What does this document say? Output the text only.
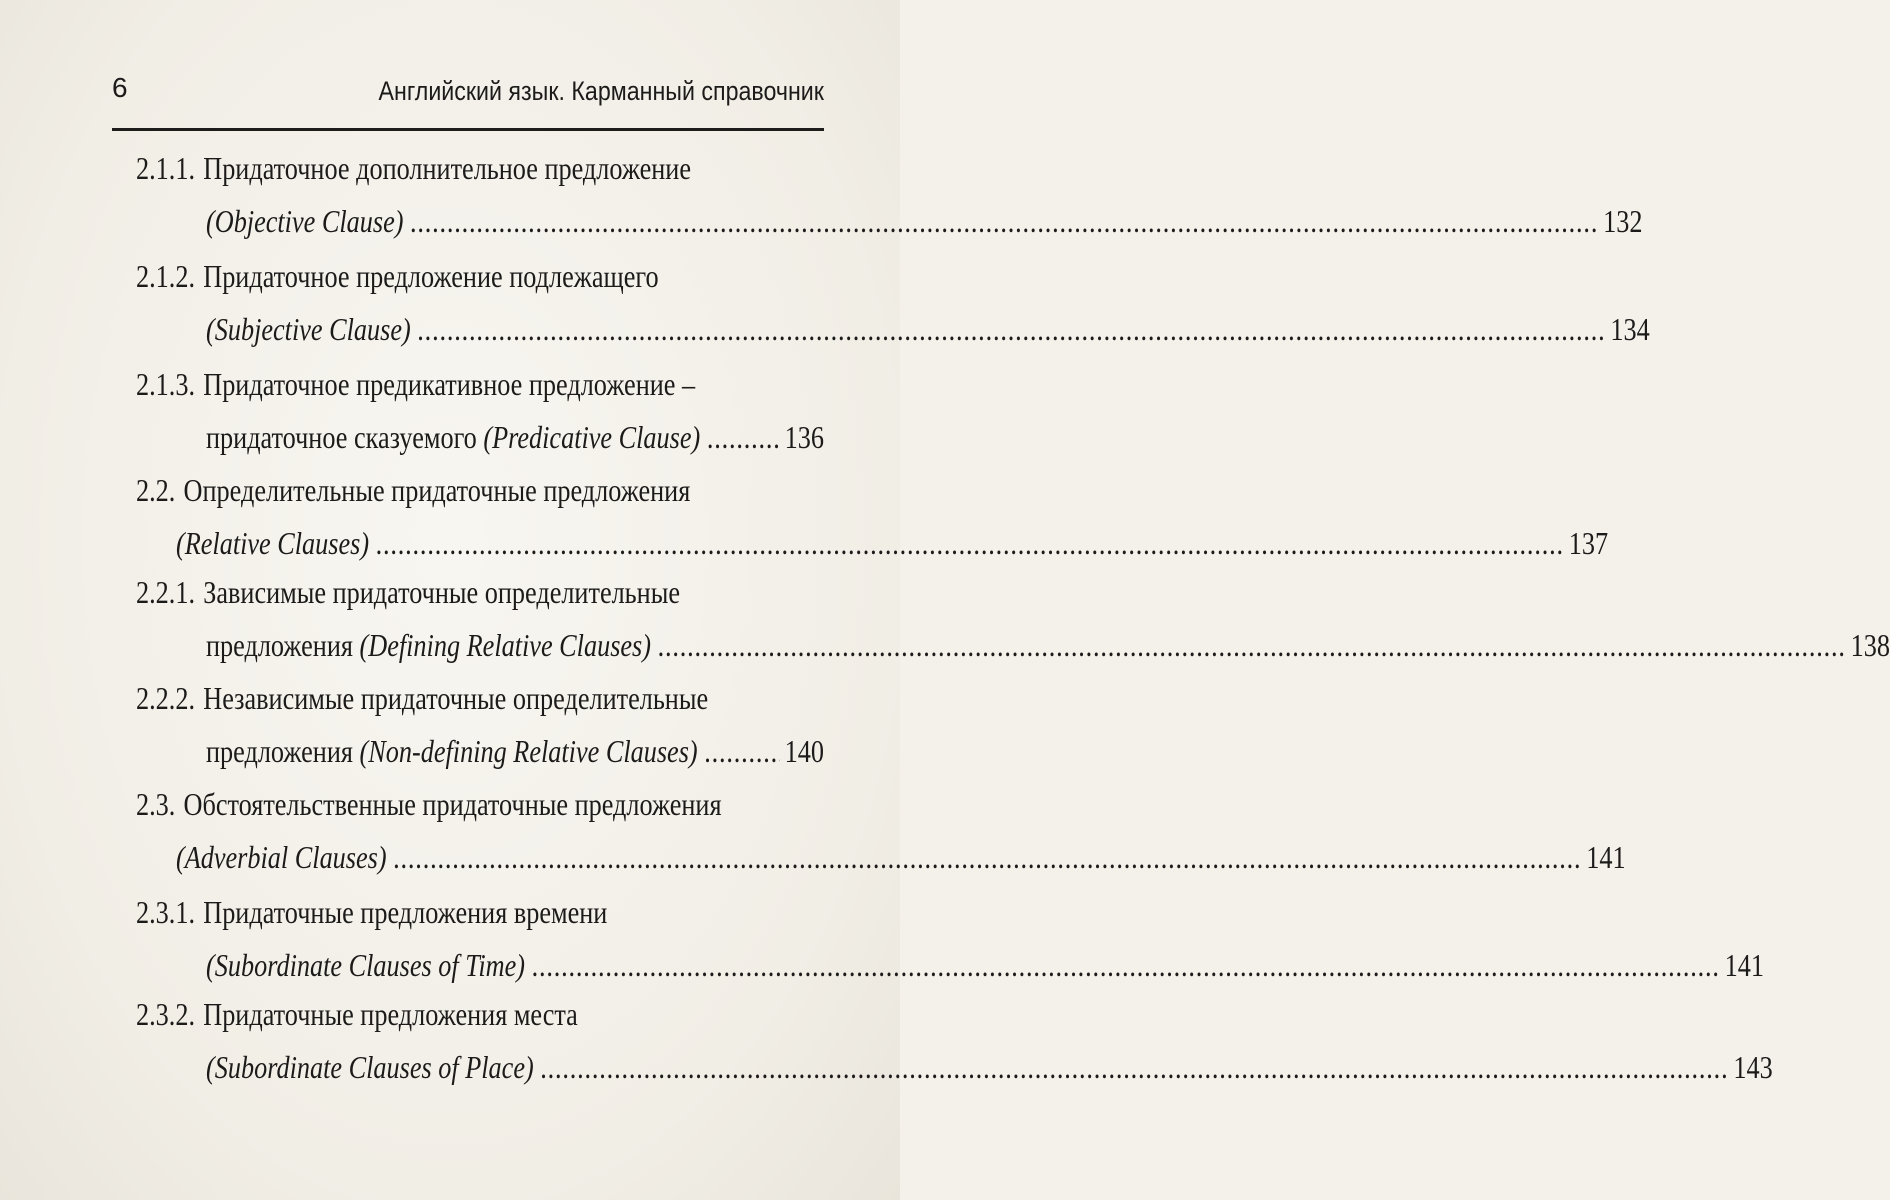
6	Английский язык. Карманный справочник
2.1.1. Придаточное дополнительное предложение
(Objective Clause) .....	132
2.1.2. Придаточное предложение подлежащего
(Subjective Clause) .....	134
2.1.3. Придаточное предикативное предложение –
придаточное сказуемого (Predicative Clause) .....	136
2.2. Определительные придаточные предложения
(Relative Clauses) .....	137
2.2.1. Зависимые придаточные определительные
предложения (Defining Relative Clauses) .....	138
2.2.2. Независимые придаточные определительные
предложения (Non-defining Relative Clauses) .....	140
2.3. Обстоятельственные придаточные предложения
(Adverbial Clauses) .....	141
2.3.1. Придаточные предложения времени
(Subordinate Clauses of Time) .....	141
2.3.2. Придаточные предложения места
(Subordinate Clauses of Place) .....	143
